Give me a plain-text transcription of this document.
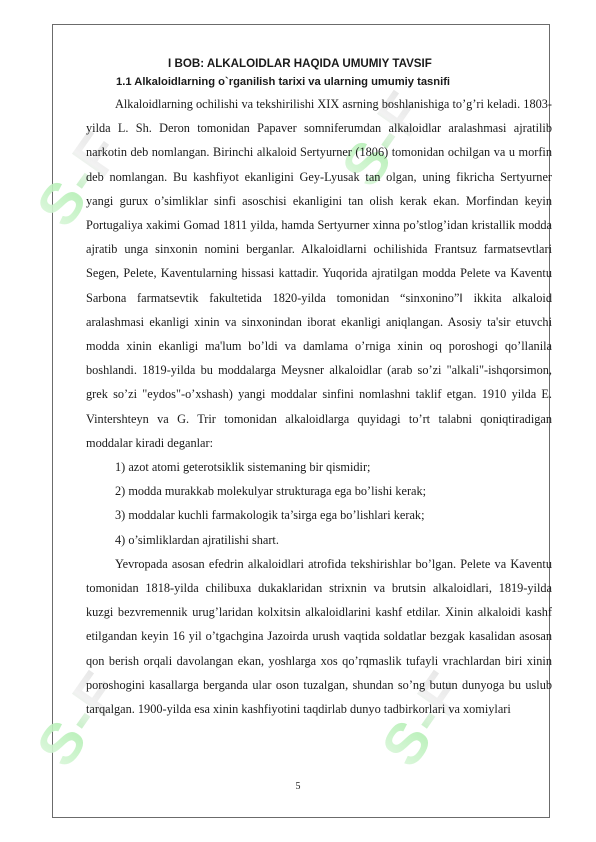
S-F	S-F
S-F	S-F

I BOB: ALKALOIDLAR HAQIDA UMUMIY TAVSIF

1.1 Alkaloidlarning o`rganilish tarixi va ularning umumiy tasnifi

Alkaloidlarning ochilishi va tekshirilishi XIX asrning boshlanishiga to’g’ri keladi. 1803-yilda L. Sh. Deron tomonidan Papaver somniferumdan alkaloidlar aralashmasi ajratilib narkotin deb nomlangan. Birinchi alkaloid Sertyurner (1806) tomonidan ochilgan va u morfin deb nomlangan. Bu kashfiyot ekanligini Gey-Lyusak tan olgan, uning fikricha Sertyurner yangi gurux o’simliklar sinfi asoschisi ekanligini tan olish kerak ekan. Morfindan keyin Portugaliya xakimi Gomad 1811 yilda, hamda Sertyurner xinna po’stlog’idan kristallik modda ajratib unga sinxonin nomini berganlar. Alkaloidlarni ochilishida Frantsuz farmatsevtlari Segen, Pelete, Kaventularning hissasi kattadir. Yuqorida ajratilgan modda Pelete va Kaventu Sarbona farmatsevtik fakultetida 1820-yilda tomonidan “sinxonino”‖ ikkita alkaloid aralashmasi ekanligi xinin va sinxonindan iborat ekanligi aniqlangan. Asosiy ta'sir etuvchi modda xinin ekanligi ma'lum bo’ldi va damlama o’rniga xinin oq poroshogi qo’llanila boshlandi. 1819-yilda bu moddalarga Meysner alkaloidlar (arab so’zi "alkali"-ishqorsimon, grek so’zi "eydos"-o’xshash) yangi moddalar sinfini nomlashni taklif etgan. 1910 yilda E. Vintershteyn va G. Trir tomonidan alkaloidlarga quyidagi to’rt talabni qoniqtiradigan moddalar kiradi deganlar:

1) azot atomi geterotsiklik sistemaning bir qismidir;

2) modda murakkab molekulyar strukturaga ega bo’lishi kerak;

3) moddalar kuchli farmakologik ta’sirga ega bo’lishlari kerak;

4) o’simliklardan ajratilishi shart.

Yevropada asosan efedrin alkaloidlari atrofida tekshirishlar bo’lgan. Pelete va Kaventu tomonidan 1818-yilda chilibuxa dukaklaridan strixnin va brutsin alkaloidlari, 1819-yilda kuzgi bezvremennik urug’laridan kolxitsin alkaloidlarini kashf etdilar. Xinin alkaloidi kashf etilgandan keyin 16 yil o’tgachgina Jazoirda urush vaqtida soldatlar bezgak kasalidan asosan qon berish orqali davolangan ekan, yoshlarga xos qo’rqmaslik tufayli vrachlardan biri xinin poroshogini kasallarga berganda ular oson tuzalgan, shundan so’ng butun dunyoga bu uslub tarqalgan. 1900-yilda esa xinin kashfiyotini taqdirlab dunyo tadbirkorlari va xomiylari

5
